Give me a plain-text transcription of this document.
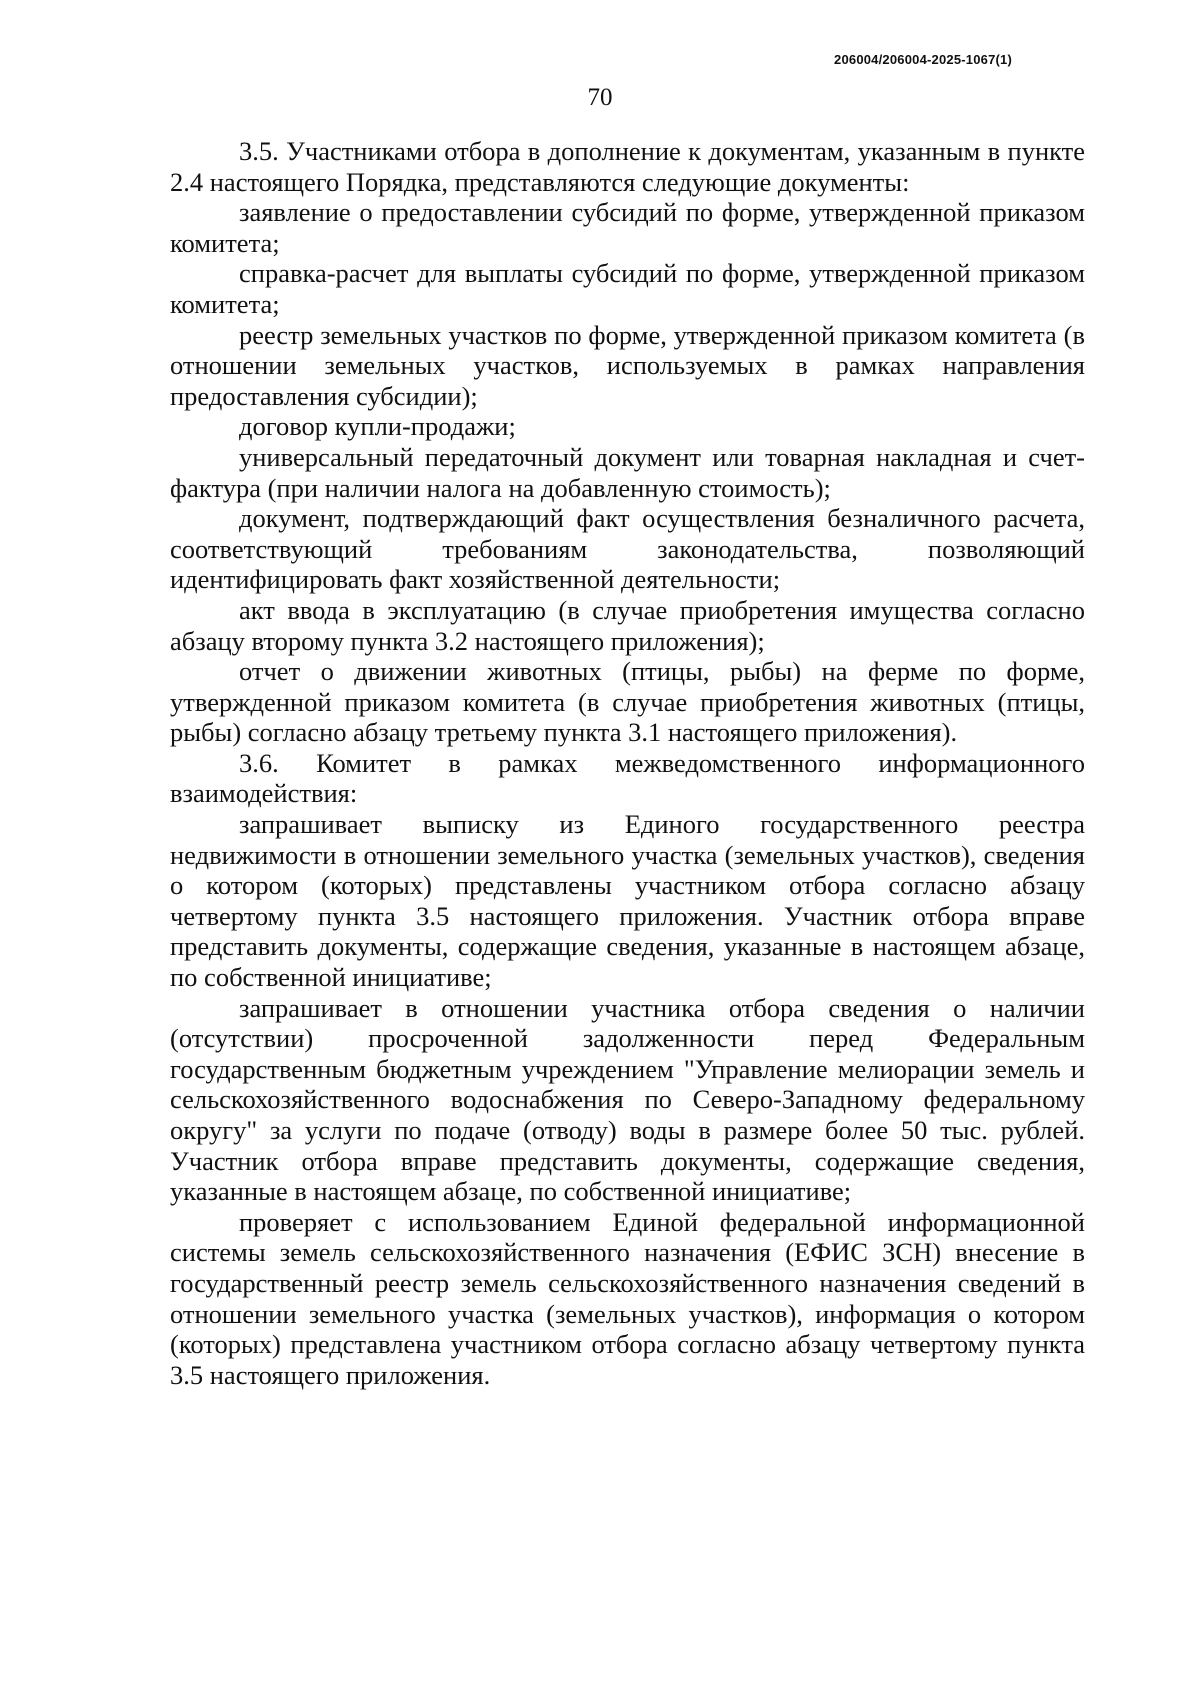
206004/206004-2025-1067(1)
70

3.5. Участниками отбора в дополнение к документам, указанным в пункте 2.4 настоящего Порядка, представляются следующие документы:

заявление о предоставлении субсидий по форме, утвержденной приказом комитета;

справка-расчет для выплаты субсидий по форме, утвержденной приказом комитета;

реестр земельных участков по форме, утвержденной приказом комитета (в отношении земельных участков, используемых в рамках направления предоставления субсидии);

договор купли-продажи;

универсальный передаточный документ или товарная накладная и счет-фактура (при наличии налога на добавленную стоимость);

документ, подтверждающий факт осуществления безналичного расчета, соответствующий требованиям законодательства, позволяющий идентифицировать факт хозяйственной деятельности;

акт ввода в эксплуатацию (в случае приобретения имущества согласно абзацу второму пункта 3.2 настоящего приложения);

отчет о движении животных (птицы, рыбы) на ферме по форме, утвержденной приказом комитета (в случае приобретения животных (птицы, рыбы) согласно абзацу третьему пункта 3.1 настоящего приложения).

3.6. Комитет в рамках межведомственного информационного взаимодействия:

запрашивает выписку из Единого государственного реестра недвижимости в отношении земельного участка (земельных участков), сведения о котором (которых) представлены участником отбора согласно абзацу четвертому пункта 3.5 настоящего приложения. Участник отбора вправе представить документы, содержащие сведения, указанные в настоящем абзаце, по собственной инициативе;

запрашивает в отношении участника отбора сведения о наличии (отсутствии) просроченной задолженности перед Федеральным государственным бюджетным учреждением "Управление мелиорации земель и сельскохозяйственного водоснабжения по Северо-Западному федеральному округу" за услуги по подаче (отводу) воды в размере более 50 тыс. рублей. Участник отбора вправе представить документы, содержащие сведения, указанные в настоящем абзаце, по собственной инициативе;

проверяет с использованием Единой федеральной информационной системы земель сельскохозяйственного назначения (ЕФИС ЗСН) внесение в государственный реестр земель сельскохозяйственного назначения сведений в отношении земельного участка (земельных участков), информация о котором (которых) представлена участником отбора согласно абзацу четвертому пункта 3.5 настоящего приложения.
